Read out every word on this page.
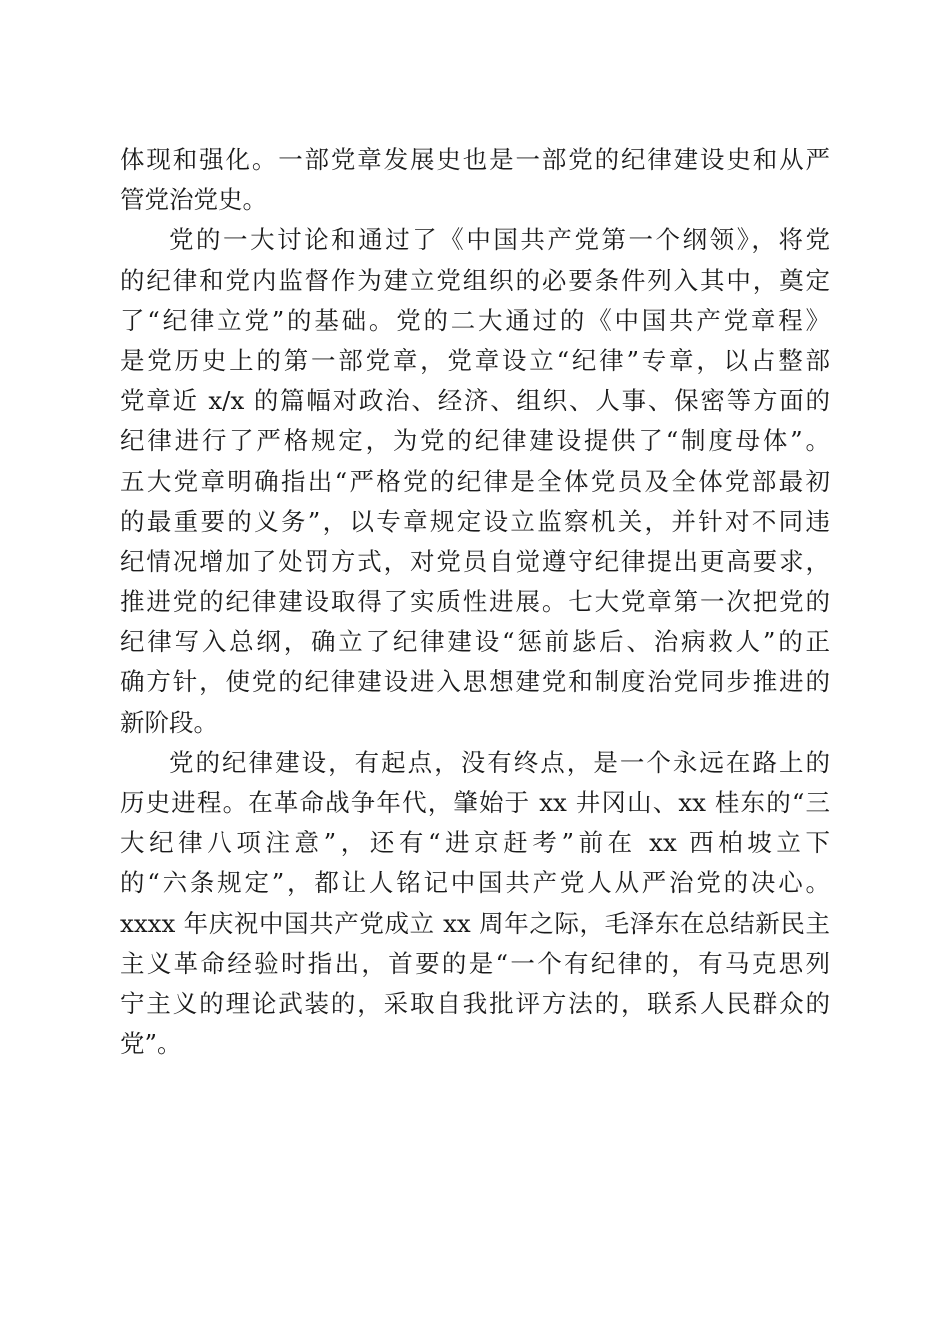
体现和强化。一部党章发展史也是一部党的纪律建设史和从严
管党治党史。
党的一大讨论和通过了《中国共产党第一个纲领》，将党
的纪律和党内监督作为建立党组织的必要条件列入其中，奠定
了“纪律立党”的基础。党的二大通过的《中国共产党章程》
是党历史上的第一部党章，党章设立“纪律”专章，以占整部
党章近 x/x 的篇幅对政治、经济、组织、人事、保密等方面的
纪律进行了严格规定，为党的纪律建设提供了“制度母体”。
五大党章明确指出“严格党的纪律是全体党员及全体党部最初
的最重要的义务”，以专章规定设立监察机关，并针对不同违
纪情况增加了处罚方式，对党员自觉遵守纪律提出更高要求，
推进党的纪律建设取得了实质性进展。七大党章第一次把党的
纪律写入总纲，确立了纪律建设“惩前毖后、治病救人”的正
确方针，使党的纪律建设进入思想建党和制度治党同步推进的
新阶段。
党的纪律建设，有起点，没有终点，是一个永远在路上的
历史进程。在革命战争年代，肇始于 xx 井冈山、xx 桂东的“三
大纪律八项注意”，还有“进京赶考”前在 xx 西柏坡立下
的“六条规定”，都让人铭记中国共产党人从严治党的决心。
xxxx 年庆祝中国共产党成立 xx 周年之际，毛泽东在总结新民主
主义革命经验时指出，首要的是“一个有纪律的，有马克思列
宁主义的理论武装的，采取自我批评方法的，联系人民群众的
党”。
